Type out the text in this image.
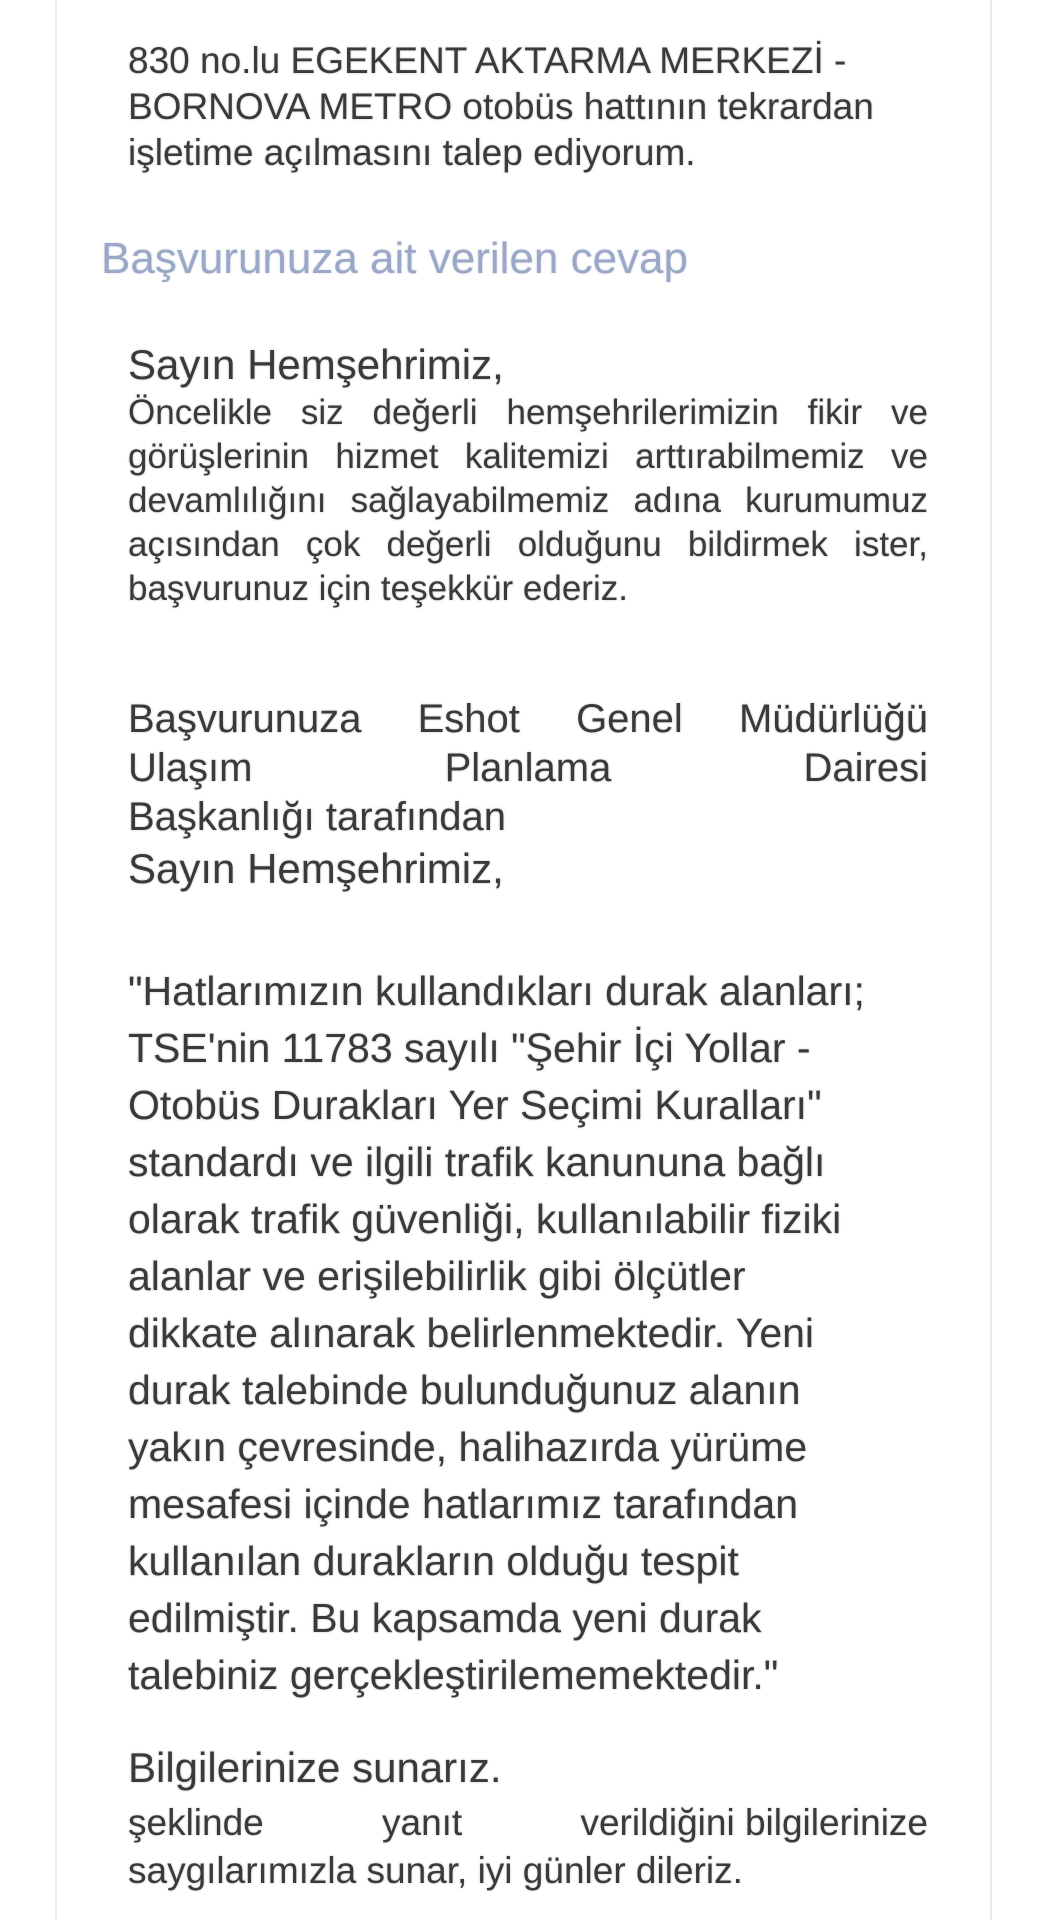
830 no.lu EGEKENT AKTARMA MERKEZİ -
BORNOVA METRO otobüs hattının tekrardan
işletime açılmasını talep ediyorum.
Başvurunuza ait verilen cevap
Sayın Hemşehrimiz,
Öncelikle siz değerli hemşehrilerimizin fikir ve
görüşlerinin hizmet kalitemizi arttırabilmemiz ve
devamlılığını sağlayabilmemiz adına kurumumuz
açısından çok değerli olduğunu bildirmek ister,
başvurunuz için teşekkür ederiz.
Başvurunuza Eshot Genel Müdürlüğü
Ulaşım	Planlama	Dairesi
Başkanlığı tarafından
Sayın Hemşehrimiz,
"Hatlarımızın kullandıkları durak alanları;
TSE'nin 11783 sayılı "Şehir İçi Yollar -
Otobüs Durakları Yer Seçimi Kuralları"
standardı ve ilgili trafik kanununa bağlı
olarak trafik güvenliği, kullanılabilir fiziki
alanlar ve erişilebilirlik gibi ölçütler
dikkate alınarak belirlenmektedir. Yeni
durak talebinde bulunduğunuz alanın
yakın çevresinde, halihazırda yürüme
mesafesi içinde hatlarımız tarafından
kullanılan durakların olduğu tespit
edilmiştir. Bu kapsamda yeni durak
talebiniz gerçekleştirilememektedir."
Bilgilerinize sunarız.
şeklinde	yanıt	verildiğini bilgilerinize
saygılarımızla sunar, iyi günler dileriz.
